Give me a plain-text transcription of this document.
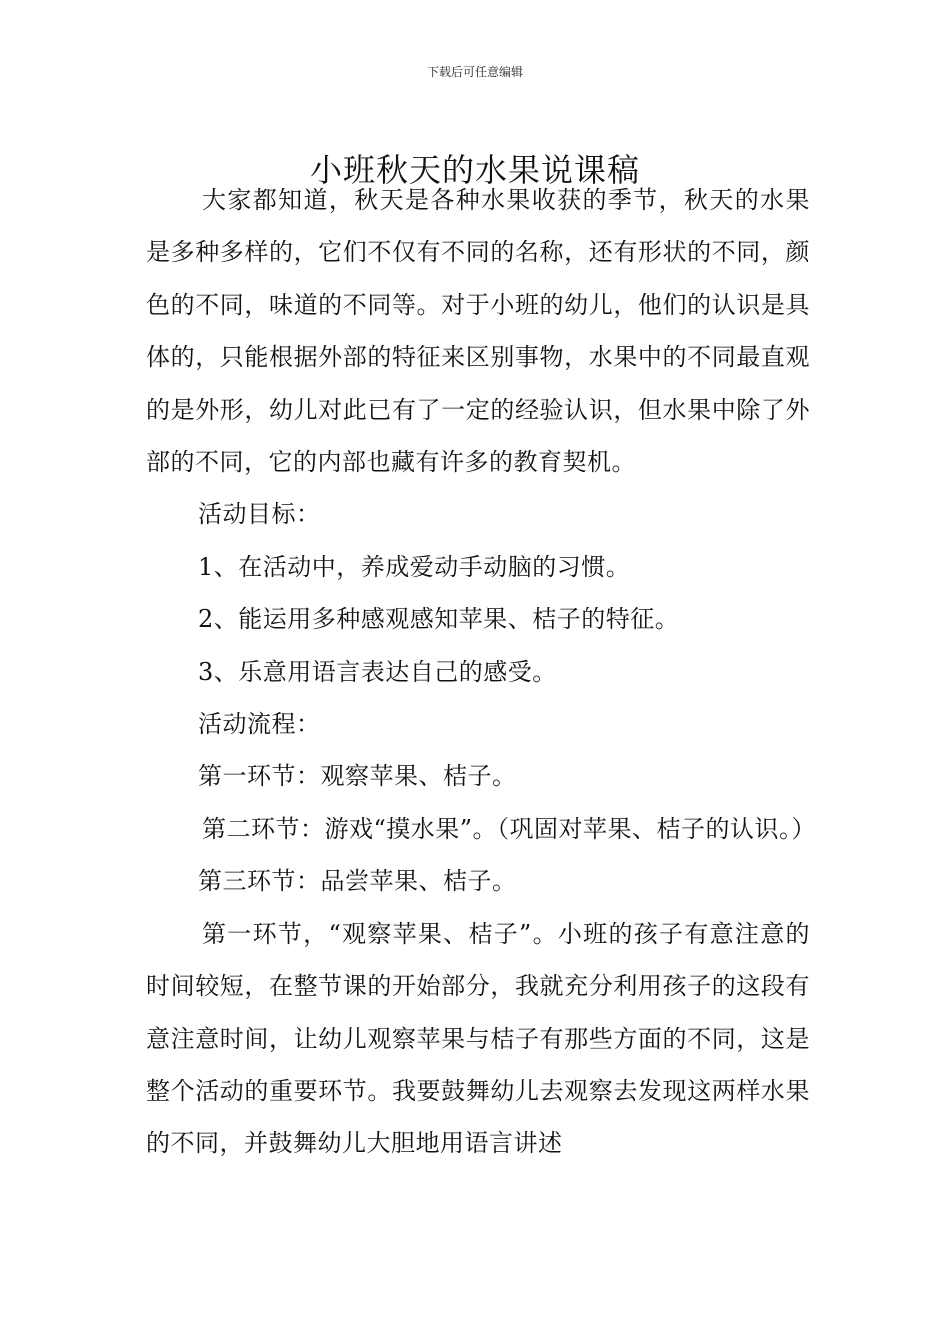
下载后可任意编辑
小班秋天的水果说课稿

大家都知道，秋天是各种水果收获的季节，秋天的水果是多种多样的，它们不仅有不同的名称，还有形状的不同，颜色的不同，味道的不同等。对于小班的幼儿，他们的认识是具体的，只能根据外部的特征来区别事物，水果中的不同最直观的是外形，幼儿对此已有了一定的经验认识，但水果中除了外部的不同，它的内部也藏有许多的教育契机。

活动目标：

1、在活动中，养成爱动手动脑的习惯。

2、能运用多种感观感知苹果、桔子的特征。

3、乐意用语言表达自己的感受。

活动流程：

第一环节：观察苹果、桔子。

第二环节：游戏“摸水果”。（巩固对苹果、桔子的认识。）

第三环节：品尝苹果、桔子。

第一环节，“观察苹果、桔子”。小班的孩子有意注意的时间较短，在整节课的开始部分，我就充分利用孩子的这段有意注意时间，让幼儿观察苹果与桔子有那些方面的不同，这是整个活动的重要环节。我要鼓舞幼儿去观察去发现这两样水果的不同，并鼓舞幼儿大胆地用语言讲述
